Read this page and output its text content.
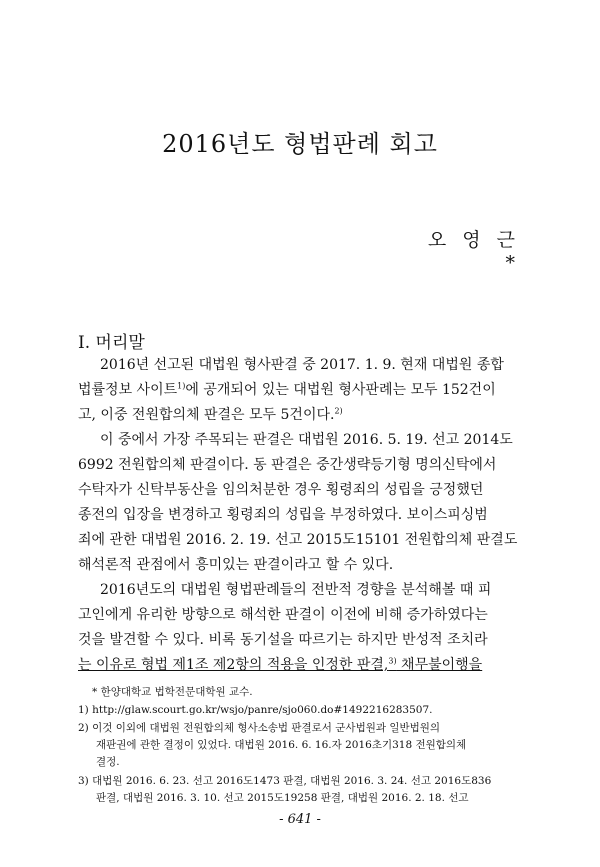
2016년도 형법판례 회고
오 영 근*
Ⅰ. 머리말
2016년 선고된 대법원 형사판결 중 2017. 1. 9. 현재 대법원 종합
법률정보 사이트$^{1)}$에 공개되어 있는 대법원 형사판례는 모두 152건이
고, 이중 전원합의체 판결은 모두 5건이다.$^{2)}$
이 중에서 가장 주목되는 판결은 대법원 2016. 5. 19. 선고 2014도
6992 전원합의체 판결이다. 동 판결은 중간생략등기형 명의신탁에서
수탁자가 신탁부동산을 임의처분한 경우 횡령죄의 성립을 긍정했던
종전의 입장을 변경하고 횡령죄의 성립을 부정하였다. 보이스피싱범
죄에 관한 대법원 2016. 2. 19. 선고 2015도15101 전원합의체 판결도
해석론적 관점에서 흥미있는 판결이라고 할 수 있다.
2016년도의 대법원 형법판례들의 전반적 경향을 분석해볼 때 피
고인에게 유리한 방향으로 해석한 판결이 이전에 비해 증가하였다는
것을 발견할 수 있다. 비록 동기설을 따르기는 하지만 반성적 조치라
는 이유로 형법 제1조 제2항의 적용을 인정한 판결,$^{3)}$ 채무불이행을
* 한양대학교 법학전문대학원 교수.
1) http://glaw.scourt.go.kr/wsjo/panre/sjo060.do#1492216283507.
2) 이것 이외에 대법원 전원합의체 형사소송법 판결로서 군사법원과 일반법원의
재판권에 관한 결정이 있었다. 대법원 2016. 6. 16.자 2016초기318 전원합의체
결정.
3) 대법원 2016. 6. 23. 선고 2016도1473 판결, 대법원 2016. 3. 24. 선고 2016도836
판결, 대법원 2016. 3. 10. 선고 2015도19258 판결, 대법원 2016. 2. 18. 선고
- 641 -
